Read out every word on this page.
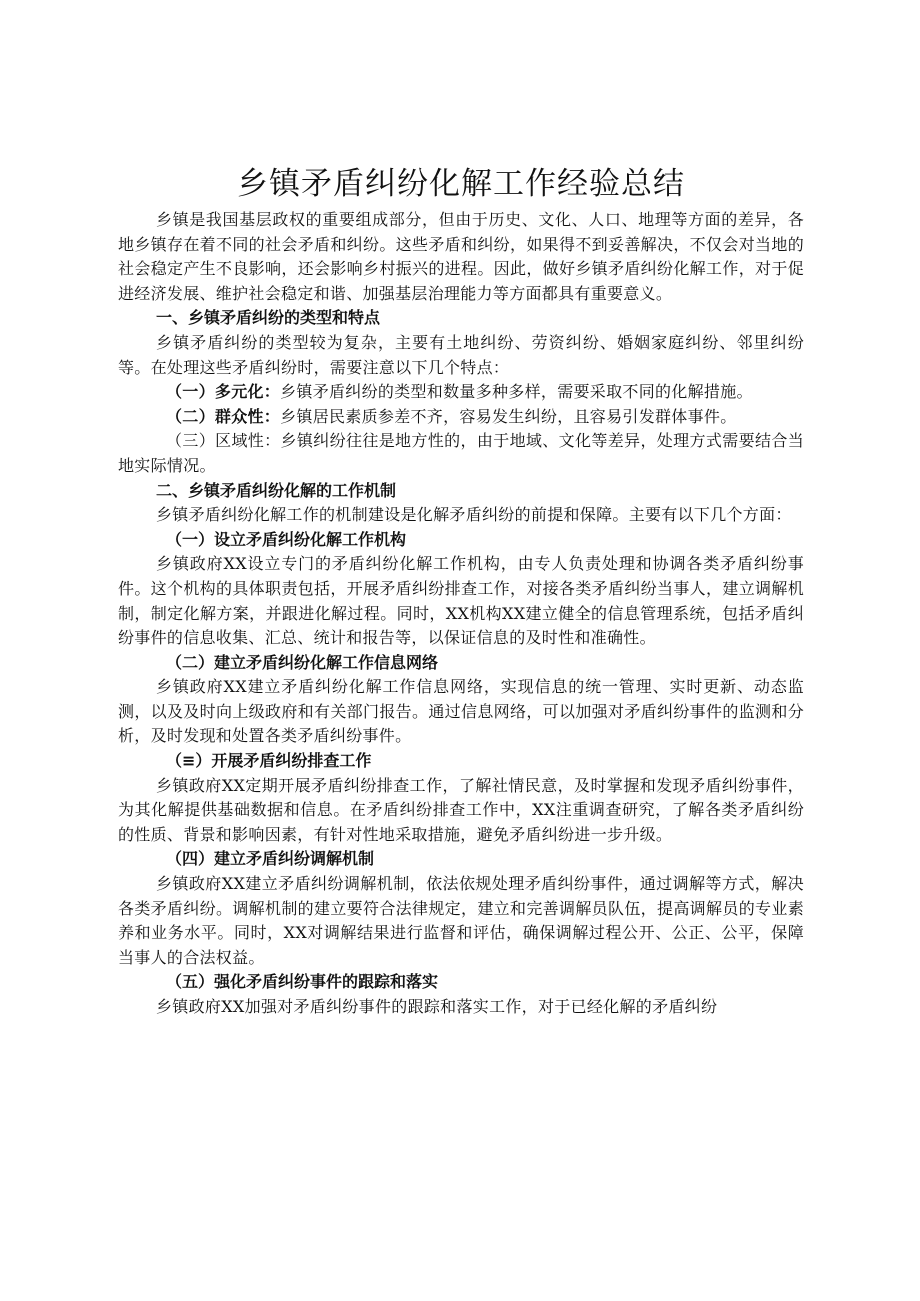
乡镇矛盾纠纷化解工作经验总结

乡镇是我国基层政权的重要组成部分，但由于历史、文化、人口、地理等方面的差异，各地乡镇存在着不同的社会矛盾和纠纷。这些矛盾和纠纷，如果得不到妥善解决，不仅会对当地的社会稳定产生不良影响，还会影响乡村振兴的进程。因此，做好乡镇矛盾纠纷化解工作，对于促进经济发展、维护社会稳定和谐、加强基层治理能力等方面都具有重要意义。

一、乡镇矛盾纠纷的类型和特点

乡镇矛盾纠纷的类型较为复杂，主要有土地纠纷、劳资纠纷、婚姻家庭纠纷、邻里纠纷等。在处理这些矛盾纠纷时，需要注意以下几个特点：

（一）多元化：乡镇矛盾纠纷的类型和数量多种多样，需要采取不同的化解措施。

（二）群众性：乡镇居民素质参差不齐，容易发生纠纷，且容易引发群体事件。

（三）区域性：乡镇纠纷往往是地方性的，由于地域、文化等差异，处理方式需要结合当地实际情况。

二、乡镇矛盾纠纷化解的工作机制

乡镇矛盾纠纷化解工作的机制建设是化解矛盾纠纷的前提和保障。主要有以下几个方面：

（一）设立矛盾纠纷化解工作机构

乡镇政府XX设立专门的矛盾纠纷化解工作机构，由专人负责处理和协调各类矛盾纠纷事件。这个机构的具体职责包括，开展矛盾纠纷排查工作，对接各类矛盾纠纷当事人，建立调解机制，制定化解方案，并跟进化解过程。同时，XX机构XX建立健全的信息管理系统，包括矛盾纠纷事件的信息收集、汇总、统计和报告等，以保证信息的及时性和准确性。

（二）建立矛盾纠纷化解工作信息网络

乡镇政府XX建立矛盾纠纷化解工作信息网络，实现信息的统一管理、实时更新、动态监测，以及及时向上级政府和有关部门报告。通过信息网络，可以加强对矛盾纠纷事件的监测和分析，及时发现和处置各类矛盾纠纷事件。

（≡）开展矛盾纠纷排查工作

乡镇政府XX定期开展矛盾纠纷排查工作，了解社情民意，及时掌握和发现矛盾纠纷事件，为其化解提供基础数据和信息。在矛盾纠纷排查工作中，XX注重调查研究，了解各类矛盾纠纷的性质、背景和影响因素，有针对性地采取措施，避免矛盾纠纷进一步升级。

（四）建立矛盾纠纷调解机制

乡镇政府XX建立矛盾纠纷调解机制，依法依规处理矛盾纠纷事件，通过调解等方式，解决各类矛盾纠纷。调解机制的建立要符合法律规定，建立和完善调解员队伍，提高调解员的专业素养和业务水平。同时，XX对调解结果进行监督和评估，确保调解过程公开、公正、公平，保障当事人的合法权益。

（五）强化矛盾纠纷事件的跟踪和落实

乡镇政府XX加强对矛盾纠纷事件的跟踪和落实工作，对于已经化解的矛盾纠纷
